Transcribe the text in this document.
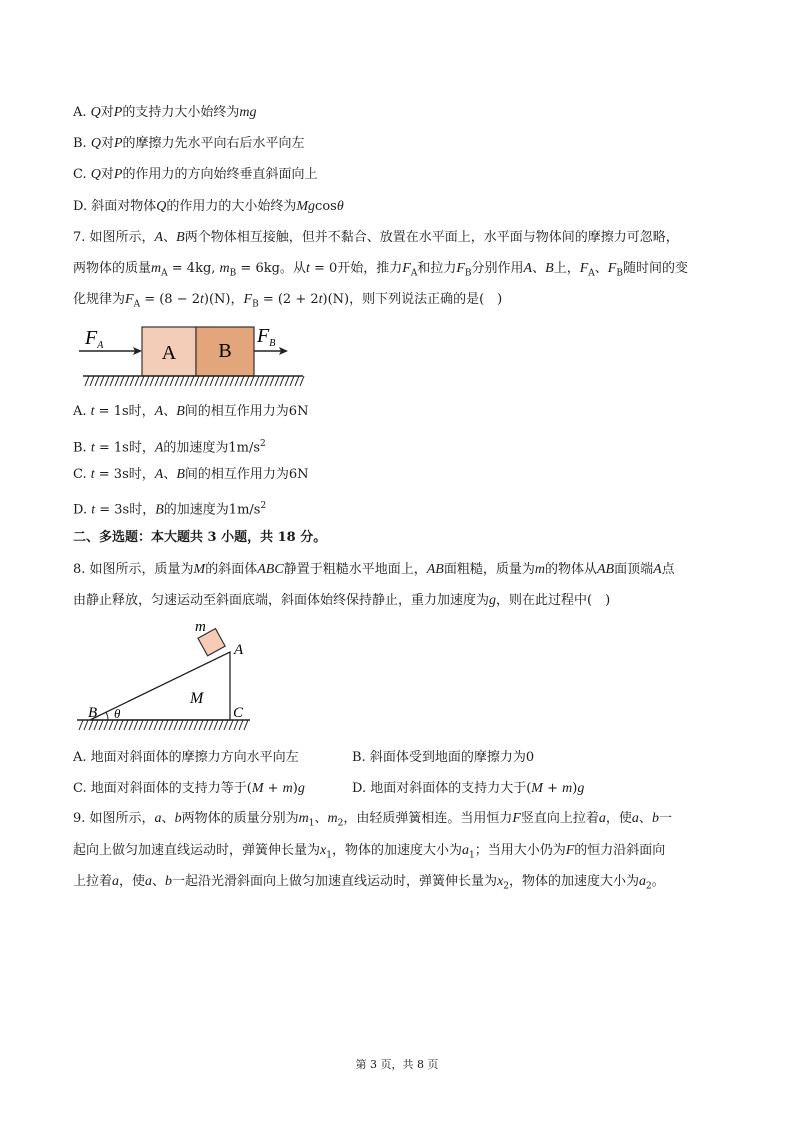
A. Q对P的支持力大小始终为mg
B. Q对P的摩擦力先水平向右后水平向左
C. Q对P的作用力的方向始终垂直斜面向上
D. 斜面对物体Q的作用力的大小始终为Mgcosθ
7. 如图所示，A、B两个物体相互接触，但并不黏合、放置在水平面上，水平面与物体间的摩擦力可忽略，
两物体的质量$m_A = 4kg$, $m_B = 6kg$。从t = 0开始，推力$F_A$和拉力$F_B$分别作用A、B上，$F_A$、$F_B$随时间的变
化规律为$F_A = (8 - 2t)(N)$，$F_B = (2 + 2t)(N)$，则下列说法正确的是(　)
A. t = 1s时，A、B间的相互作用力为6N
B. t = 1s时，A的加速度为$1m/s^2$
C. t = 3s时，A、B间的相互作用力为6N
D. t = 3s时，B的加速度为$1m/s^2$
二、多选题：本大题共 3 小题，共 18 分。
8. 如图所示，质量为M的斜面体ABC静置于粗糙水平地面上，AB面粗糙，质量为m的物体从AB面顶端A点
由静止释放，匀速运动至斜面底端，斜面体始终保持静止，重力加速度为g，则在此过程中(　)
A. 地面对斜面体的摩擦力方向水平向左	B. 斜面体受到地面的摩擦力为0
C. 地面对斜面体的支持力等于(M + m)g	D. 地面对斜面体的支持力大于(M + m)g
9. 如图所示，a、b两物体的质量分别为$m_1$、$m_2$，由轻质弹簧相连。当用恒力F竖直向上拉着a，使a、b一
起向上做匀加速直线运动时，弹簧伸长量为$x_1$，物体的加速度大小为$a_1$；当用大小仍为F的恒力沿斜面向
上拉着a，使a、b一起沿光滑斜面向上做匀加速直线运动时，弹簧伸长量为$x_2$，物体的加速度大小为$a_2$。
A B
$F_A$	$F_B$
m
A
B	C
M
θ
第 3 页，共 8 页
